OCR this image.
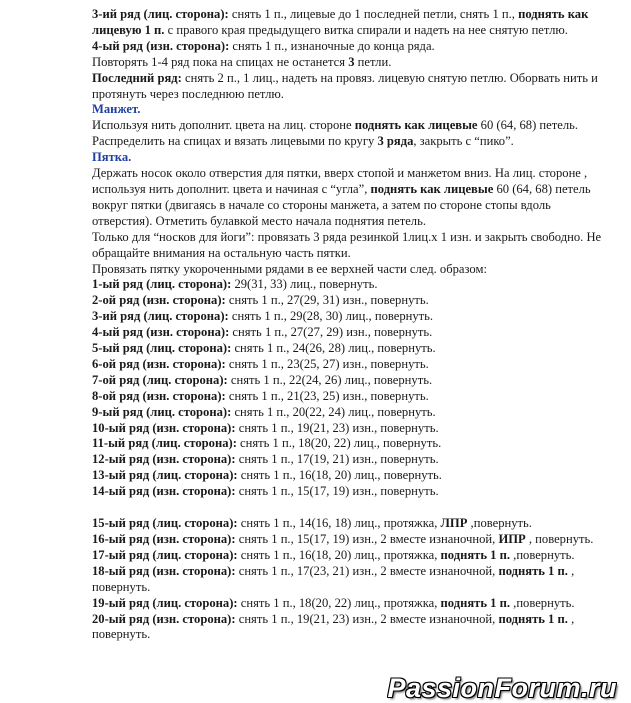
3-ий ряд (лиц. сторона): снять 1 п., лицевые до 1 последней петли, снять 1 п., поднять как лицевую 1 п. с правого края предыдущего витка спирали и надеть на нее снятую петлю.

4-ый ряд (изн. сторона): снять 1 п., изнаночные до конца ряда.

Повторять 1-4 ряд пока на спицах не останется 3 петли.

Последний ряд: снять 2 п., 1 лиц., надеть на провяз. лицевую снятую петлю. Оборвать нить и протянуть через последнюю петлю.

Манжет.

Используя нить дополнит. цвета на лиц. стороне поднять как лицевые 60 (64, 68) петель. Распределить на спицах и вязать лицевыми по кругу 3 ряда, закрыть с “пико”.

Пятка.

Держать носок около отверстия для пятки, вверх стопой и манжетом вниз. На лиц. стороне , используя нить дополнит. цвета и начиная с “угла”, поднять как лицевые 60 (64, 68) петель вокруг пятки (двигаясь в начале со стороны манжета, а затем по стороне стопы вдоль отверстия). Отметить булавкой место начала поднятия петель.

Только для “носков для йоги”: провязать 3 ряда резинкой 1лиц.х 1 изн. и закрыть свободно. Не обращайте внимания на остальную часть пятки.

Провязать пятку укороченными рядами в ее верхней части след. образом:

1-ый ряд (лиц. сторона): 29(31, 33) лиц., повернуть.

2-ой ряд (изн. сторона): снять 1 п., 27(29, 31) изн., повернуть.

3-ий ряд (лиц. сторона): снять 1 п., 29(28, 30) лиц., повернуть.

4-ый ряд (изн. сторона): снять 1 п., 27(27, 29) изн., повернуть.

5-ый ряд (лиц. сторона): снять 1 п., 24(26, 28) лиц., повернуть.

6-ой ряд (изн. сторона): снять 1 п., 23(25, 27) изн., повернуть.

7-ой ряд (лиц. сторона): снять 1 п., 22(24, 26) лиц., повернуть.

8-ой ряд (изн. сторона): снять 1 п., 21(23, 25) изн., повернуть.

9-ый ряд (лиц. сторона): снять 1 п., 20(22, 24) лиц., повернуть.

10-ый ряд (изн. сторона): снять 1 п., 19(21, 23) изн., повернуть.

11-ый ряд (лиц. сторона): снять 1 п., 18(20, 22) лиц., повернуть.

12-ый ряд (изн. сторона): снять 1 п., 17(19, 21) изн., повернуть.

13-ый ряд (лиц. сторона): снять 1 п., 16(18, 20) лиц., повернуть.

14-ый ряд (изн. сторона): снять 1 п., 15(17, 19) изн., повернуть.

15-ый ряд (лиц. сторона): снять 1 п., 14(16, 18) лиц., протяжка, ЛПР ,повернуть.

16-ый ряд (изн. сторона): снять 1 п., 15(17, 19) изн., 2 вместе изнаночной, ИПР , повернуть.

17-ый ряд (лиц. сторона): снять 1 п., 16(18, 20) лиц., протяжка, поднять 1 п. ,повернуть.

18-ый ряд (изн. сторона): снять 1 п., 17(23, 21) изн., 2 вместе изнаночной, поднять 1 п. , повернуть.

19-ый ряд (лиц. сторона): снять 1 п., 18(20, 22) лиц., протяжка, поднять 1 п. ,повернуть.

20-ый ряд (изн. сторона): снять 1 п., 19(21, 23) изн., 2 вместе изнаночной, поднять 1 п. , повернуть.

PassionForum.ru
